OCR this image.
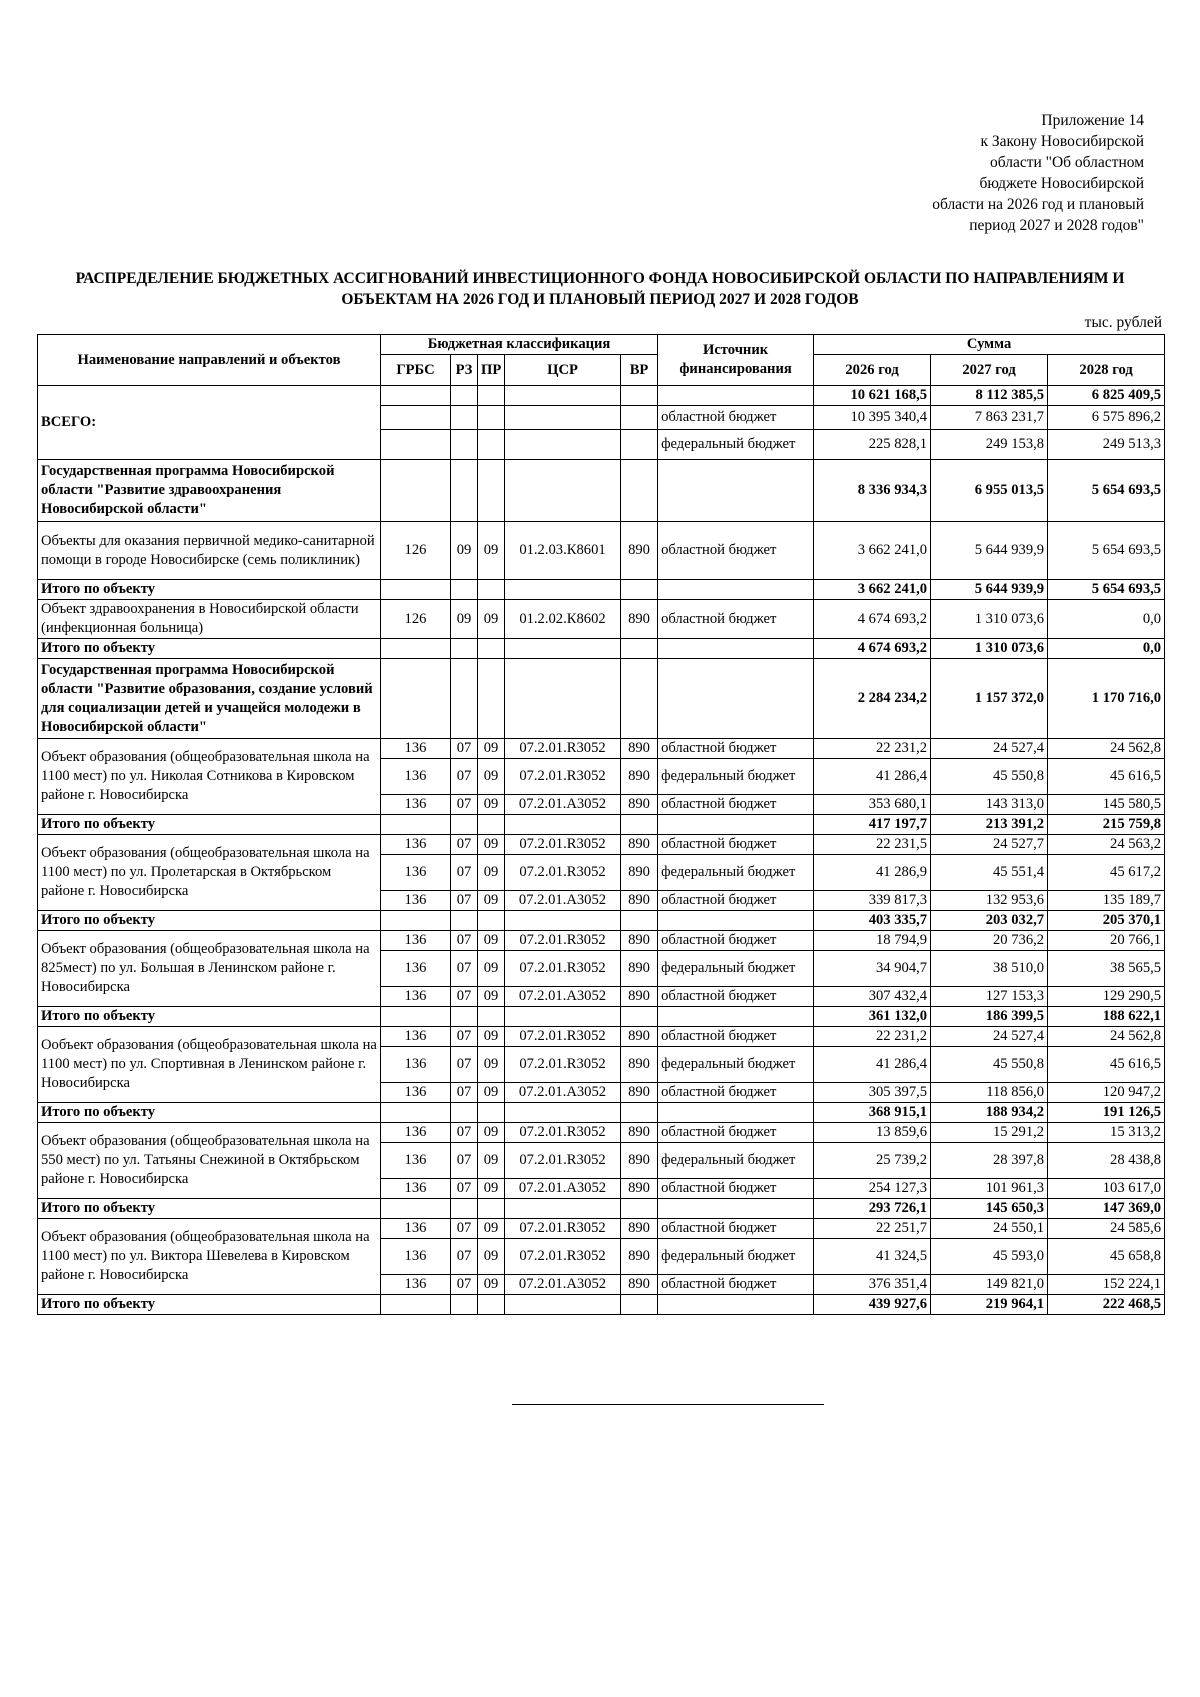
Приложение 14
к Закону Новосибирской
области "Об областном
бюджете Новосибирской
области на 2026 год и плановый
период 2027 и 2028 годов"
РАСПРЕДЕЛЕНИЕ БЮДЖЕТНЫХ АССИГНОВАНИЙ ИНВЕСТИЦИОННОГО ФОНДА НОВОСИБИРСКОЙ ОБЛАСТИ ПО НАПРАВЛЕНИЯМ И
ОБЪЕКТАМ НА 2026 ГОД И ПЛАНОВЫЙ ПЕРИОД 2027 И 2028 ГОДОВ
тыс. рублей
Наименование направлений и объектов	Бюджетная классификация					Источник финансирования	Сумма		
	ГРБС	РЗ	ПР	ЦСР	ВР		2026 год	2027 год	2028 год
ВСЕГО:							10 621 168,5	8 112 385,5	6 825 409,5
						областной бюджет	10 395 340,4	7 863 231,7	6 575 896,2
						федеральный бюджет	225 828,1	249 153,8	249 513,3
Государственная программа Новосибирской области "Развитие здравоохранения Новосибирской области"							8 336 934,3	6 955 013,5	5 654 693,5
Объекты для оказания первичной медико-санитарной помощи в городе Новосибирске (семь поликлиник)	126	09	09	01.2.03.К8601	890	областной бюджет	3 662 241,0	5 644 939,9	5 654 693,5
Итого по объекту							3 662 241,0	5 644 939,9	5 654 693,5
Объект здравоохранения в Новосибирской области (инфекционная больница)	126	09	09	01.2.02.К8602	890	областной бюджет	4 674 693,2	1 310 073,6	0,0
Итого по объекту							4 674 693,2	1 310 073,6	0,0
Государственная программа Новосибирской области "Развитие образования, создание условий для социализации детей и учащейся молодежи в Новосибирской области"							2 284 234,2	1 157 372,0	1 170 716,0
Объект образования (общеобразовательная школа на 1100 мест) по ул. Николая Сотникова в Кировском районе г. Новосибирска	136	07	09	07.2.01.R3052	890	областной бюджет	22 231,2	24 527,4	24 562,8
	136	07	09	07.2.01.R3052	890	федеральный бюджет	41 286,4	45 550,8	45 616,5
	136	07	09	07.2.01.А3052	890	областной бюджет	353 680,1	143 313,0	145 580,5
Итого по объекту							417 197,7	213 391,2	215 759,8
Объект образования (общеобразовательная школа на 1100 мест) по ул. Пролетарская в Октябрьском районе г. Новосибирска	136	07	09	07.2.01.R3052	890	областной бюджет	22 231,5	24 527,7	24 563,2
	136	07	09	07.2.01.R3052	890	федеральный бюджет	41 286,9	45 551,4	45 617,2
	136	07	09	07.2.01.А3052	890	областной бюджет	339 817,3	132 953,6	135 189,7
Итого по объекту							403 335,7	203 032,7	205 370,1
Объект образования (общеобразовательная школа на 825мест) по ул. Большая в Ленинском районе г. Новосибирска	136	07	09	07.2.01.R3052	890	областной бюджет	18 794,9	20 736,2	20 766,1
	136	07	09	07.2.01.R3052	890	федеральный бюджет	34 904,7	38 510,0	38 565,5
	136	07	09	07.2.01.А3052	890	областной бюджет	307 432,4	127 153,3	129 290,5
Итого по объекту							361 132,0	186 399,5	188 622,1
Ообъект образования (общеобразовательная школа на 1100 мест) по ул. Спортивная в Ленинском районе г. Новосибирска	136	07	09	07.2.01.R3052	890	областной бюджет	22 231,2	24 527,4	24 562,8
	136	07	09	07.2.01.R3052	890	федеральный бюджет	41 286,4	45 550,8	45 616,5
	136	07	09	07.2.01.А3052	890	областной бюджет	305 397,5	118 856,0	120 947,2
Итого по объекту							368 915,1	188 934,2	191 126,5
Объект образования (общеобразовательная школа на 550 мест) по ул. Татьяны Снежиной в Октябрьском районе г. Новосибирска	136	07	09	07.2.01.R3052	890	областной бюджет	13 859,6	15 291,2	15 313,2
	136	07	09	07.2.01.R3052	890	федеральный бюджет	25 739,2	28 397,8	28 438,8
	136	07	09	07.2.01.А3052	890	областной бюджет	254 127,3	101 961,3	103 617,0
Итого по объекту							293 726,1	145 650,3	147 369,0
Объект образования (общеобразовательная школа на 1100 мест) по ул. Виктора Шевелева в Кировском районе г. Новосибирска	136	07	09	07.2.01.R3052	890	областной бюджет	22 251,7	24 550,1	24 585,6
	136	07	09	07.2.01.R3052	890	федеральный бюджет	41 324,5	45 593,0	45 658,8
	136	07	09	07.2.01.А3052	890	областной бюджет	376 351,4	149 821,0	152 224,1
Итого по объекту							439 927,6	219 964,1	222 468,5
